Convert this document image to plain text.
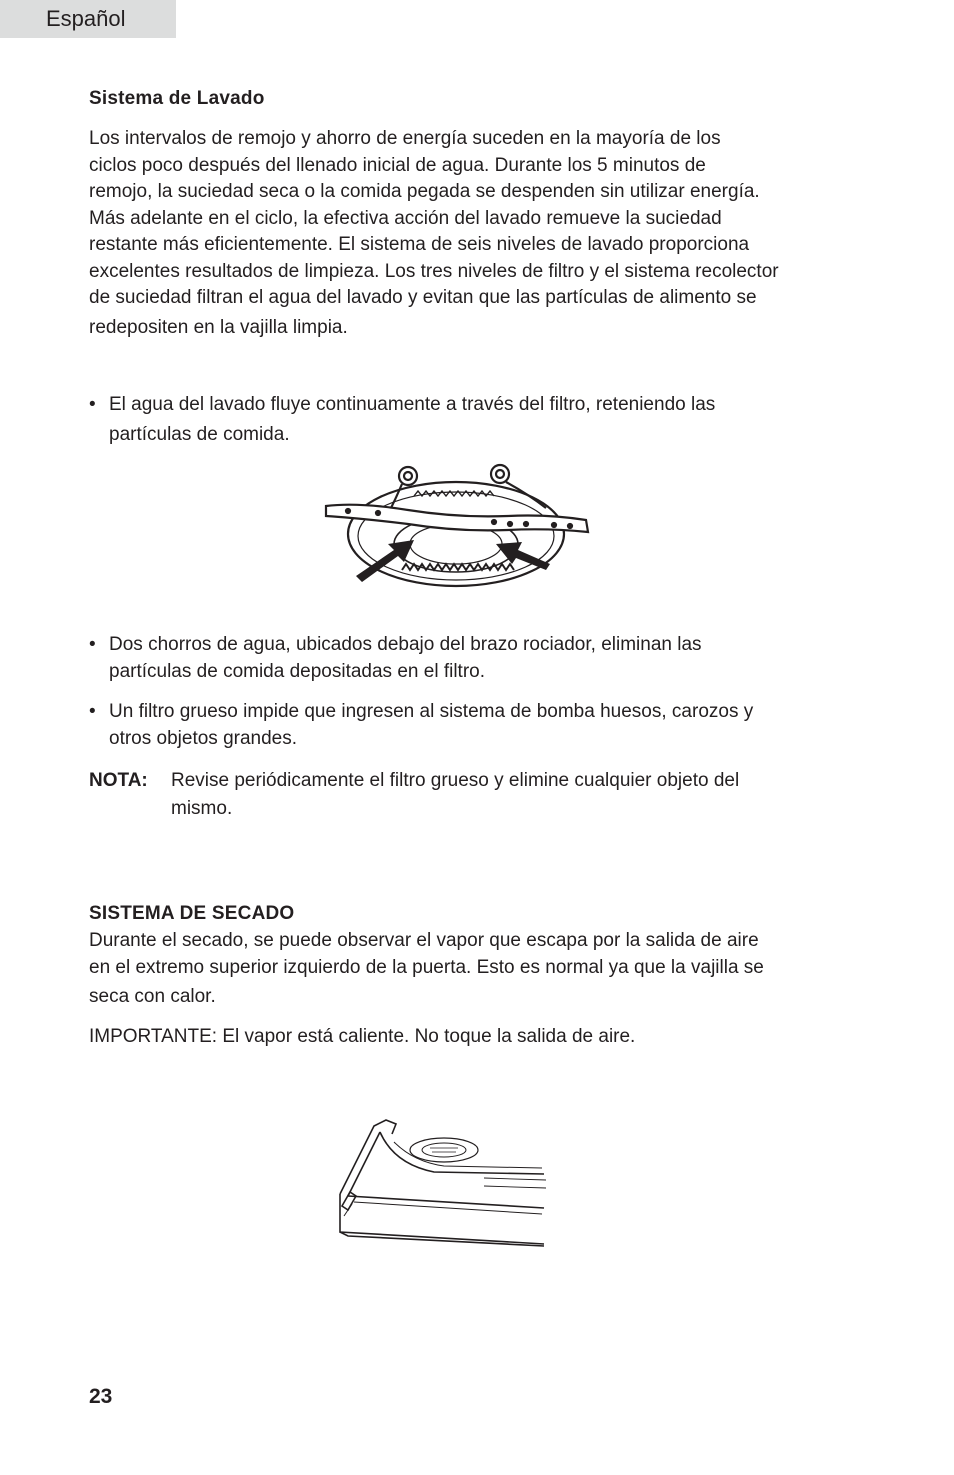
Español
Sistema de Lavado

Los intervalos de remojo y ahorro de energía suceden en la mayoría de los
ciclos poco después del llenado inicial de agua. Durante los 5 minutos de
remojo, la suciedad seca o la comida pegada se despenden sin utilizar energía.
Más adelante en el ciclo, la efectiva acción del lavado remueve la suciedad
restante más eficientemente. El sistema de seis niveles de lavado proporciona
excelentes resultados de limpieza. Los tres niveles de filtro y el sistema recolector
de suciedad filtran el agua del lavado y evitan que las partículas de alimento se
redepositen en la vajilla limpia.

• El agua del lavado fluye continuamente a través del filtro, reteniendo las
partículas de comida.
• Dos chorros de agua, ubicados debajo del brazo rociador, eliminan las
partículas de comida depositadas en el filtro.
• Un filtro grueso impide que ingresen al sistema de bomba huesos, carozos y
otros objetos grandes.
NOTA: Revise periódicamente el filtro grueso y elimine cualquier objeto del
mismo.
SISTEMA DE SECADO

Durante el secado, se puede observar el vapor que escapa por la salida de aire
en el extremo superior izquierdo de la puerta. Esto es normal ya que la vajilla se
seca con calor.

IMPORTANTE: El vapor está caliente. No toque la salida de aire.

23
